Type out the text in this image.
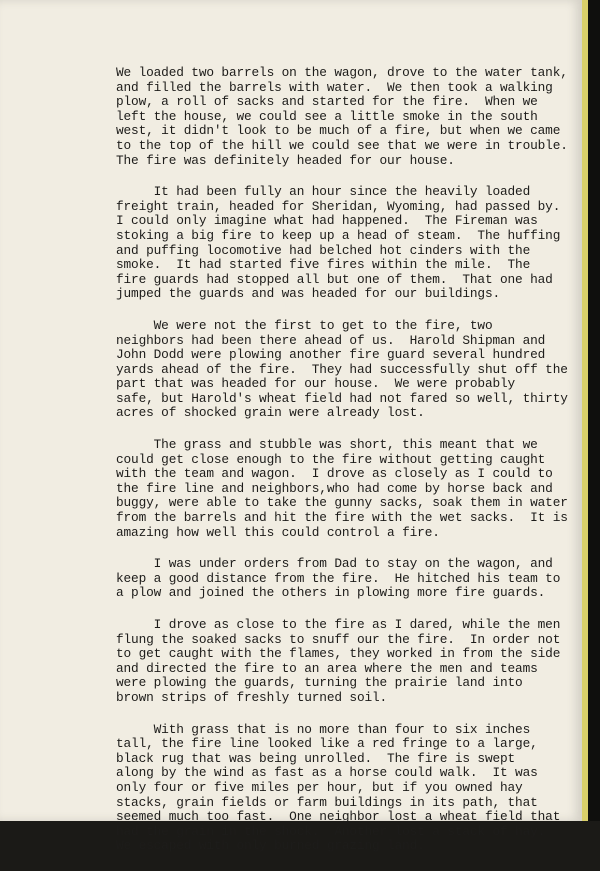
We loaded two barrels on the wagon, drove to the water tank,
and filled the barrels with water.  We then took a walking
plow, a roll of sacks and started for the fire.  When we
left the house, we could see a little smoke in the south
west, it didn't look to be much of a fire, but when we came
to the top of the hill we could see that we were in trouble.
The fire was definitely headed for our house.

It had been fully an hour since the heavily loaded
freight train, headed for Sheridan, Wyoming, had passed by.
I could only imagine what had happened.  The Fireman was
stoking a big fire to keep up a head of steam.  The huffing
and puffing locomotive had belched hot cinders with the
smoke.  It had started five fires within the mile.  The
fire guards had stopped all but one of them.  That one had
jumped the guards and was headed for our buildings.

We were not the first to get to the fire, two
neighbors had been there ahead of us.  Harold Shipman and
John Dodd were plowing another fire guard several hundred
yards ahead of the fire.  They had successfully shut off the
part that was headed for our house.  We were probably
safe, but Harold's wheat field had not fared so well, thirty
acres of shocked grain were already lost.

The grass and stubble was short, this meant that we
could get close enough to the fire without getting caught
with the team and wagon.  I drove as closely as I could to
the fire line and neighbors,who had come by horse back and
buggy, were able to take the gunny sacks, soak them in water
from the barrels and hit the fire with the wet sacks.  It is
amazing how well this could control a fire.

I was under orders from Dad to stay on the wagon, and
keep a good distance from the fire.  He hitched his team to
a plow and joined the others in plowing more fire guards.

I drove as close to the fire as I dared, while the men
flung the soaked sacks to snuff our the fire.  In order not
to get caught with the flames, they worked in from the side
and directed the fire to an area where the men and teams
were plowing the guards, turning the prairie land into
brown strips of freshly turned soil.

With grass that is no more than four to six inches
tall, the fire line looked like a red fringe to a large,
black rug that was being unrolled.  The fire is swept
along by the wind as fast as a horse could walk.  It was
only four or five miles per hour, but if you owned hay
stacks, grain fields or farm buildings in its path, that
seemed much too fast.  One neighbor lost a wheat field that
had the grain in the shock.  Another lost a stack of hay.
We escaped with only burned grazing land.
